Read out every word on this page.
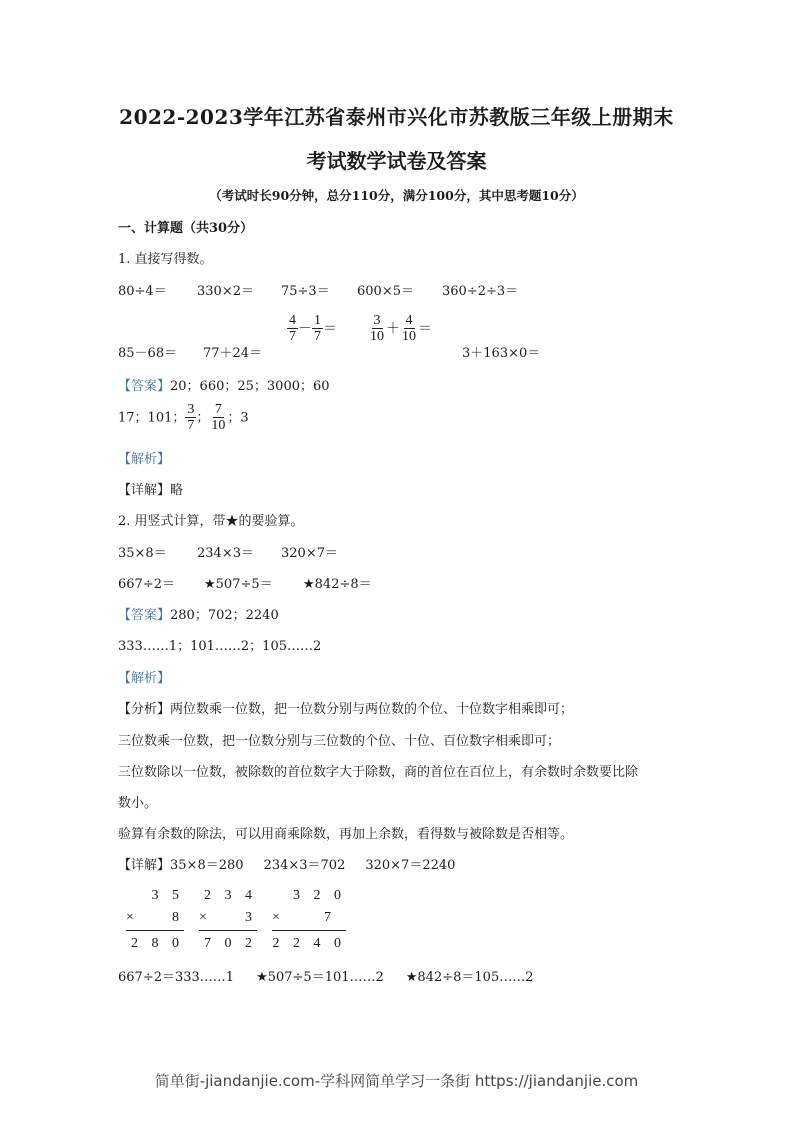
2022-2023学年江苏省泰州市兴化市苏教版三年级上册期末
考试数学试卷及答案
（考试时长90分钟，总分110分，满分100分，其中思考题10分）
一、计算题（共30分）
1. 直接写得数。
80÷4＝ 330×2＝ 75÷3＝ 600×5＝ 360÷2÷3＝
85－68＝ 77＋24＝
$\frac{4}{7} - \frac{1}{7} = \frac{3}{10} + \frac{4}{10}$ ＝
3＋163×0＝
【答案】20；660；25；3000；60
17；101； $\frac{3}{7}$ ； $\frac{7}{10}$ ；3
【解析】
【详解】略
2. 用竖式计算，带★的要验算。
35×8＝ 234×3＝ 320×7＝
667÷2＝ ★507÷5＝ ★842÷8＝
【答案】280；702；2240
333……1；101……2；105……2
【解析】
【分析】两位数乘一位数，把一位数分别与两位数的个位、十位数字相乘即可；
三位数乘一位数，把一位数分别与三位数的个位、十位、百位数字相乘即可；
三位数除以一位数，被除数的首位数字大于除数，商的首位在百位上，有余数时余数要比除
数小。
验算有余数的除法，可以用商乘除数，再加上余数，看得数与被除数是否相等。
【详解】35×8＝280 234×3＝702 320×7＝2240
3 5
× 8
2 8 0
2 3 4
× 3
7 0 2
3 2 0
×	7
2 2 4 0
667÷2＝333……1 ★507÷5＝101……2 ★842÷8＝105……2
简单街-jiandanjie.com-学科网简单学习一条街 https://jiandanjie.com
